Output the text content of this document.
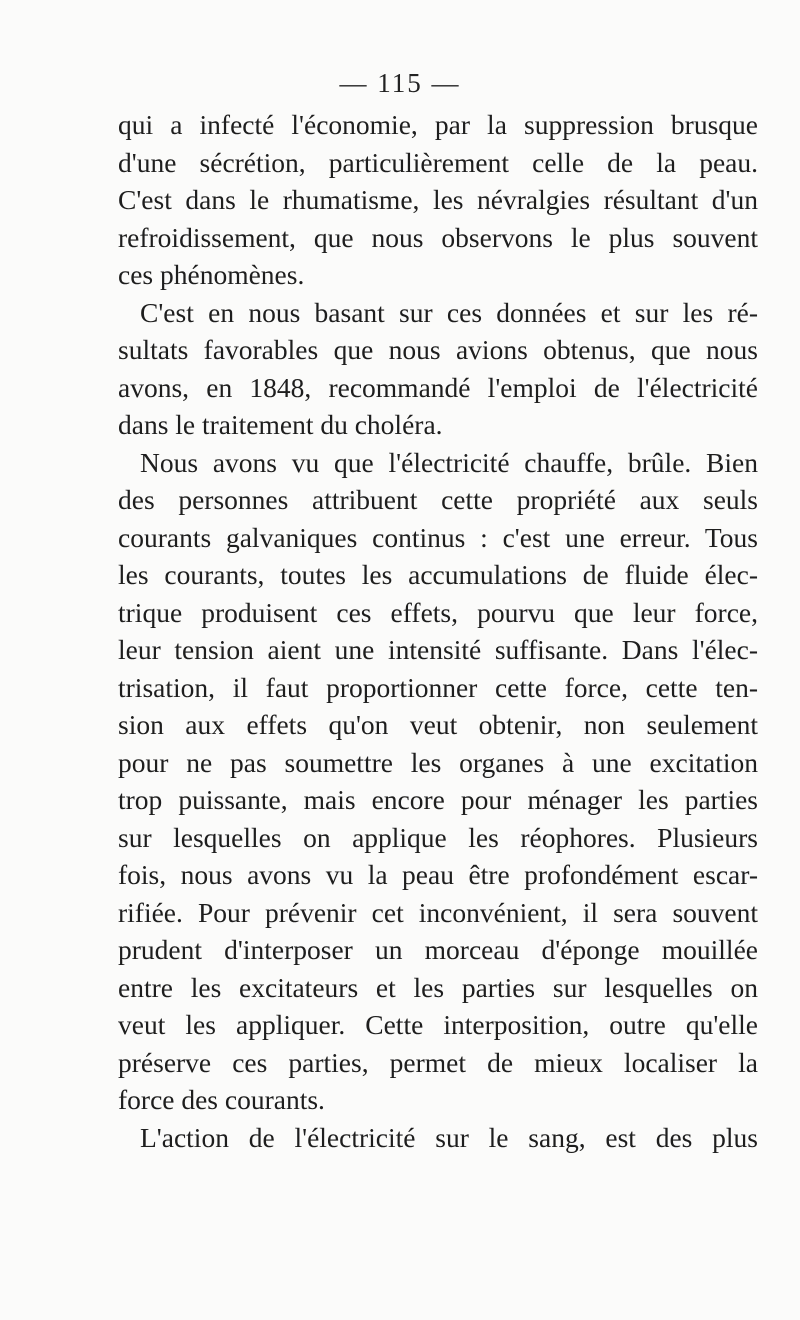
— 115 —
qui a infecté l'économie, par la suppression brusque
d'une sécrétion, particulièrement celle de la peau.
C'est dans le rhumatisme, les névralgies résultant d'un
refroidissement, que nous observons le plus souvent
ces phénomènes.
C'est en nous basant sur ces données et sur les ré-
sultats favorables que nous avions obtenus, que nous
avons, en 1848, recommandé l'emploi de l'électricité
dans le traitement du choléra.
Nous avons vu que l'électricité chauffe, brûle. Bien
des personnes attribuent cette propriété aux seuls
courants galvaniques continus : c'est une erreur. Tous
les courants, toutes les accumulations de fluide élec-
trique produisent ces effets, pourvu que leur force,
leur tension aient une intensité suffisante. Dans l'élec-
trisation, il faut proportionner cette force, cette ten-
sion aux effets qu'on veut obtenir, non seulement
pour ne pas soumettre les organes à une excitation
trop puissante, mais encore pour ménager les parties
sur lesquelles on applique les réophores. Plusieurs
fois, nous avons vu la peau être profondément escar-
rifiée. Pour prévenir cet inconvénient, il sera souvent
prudent d'interposer un morceau d'éponge mouillée
entre les excitateurs et les parties sur lesquelles on
veut les appliquer. Cette interposition, outre qu'elle
préserve ces parties, permet de mieux localiser la
force des courants.
L'action de l'électricité sur le sang, est des plus
